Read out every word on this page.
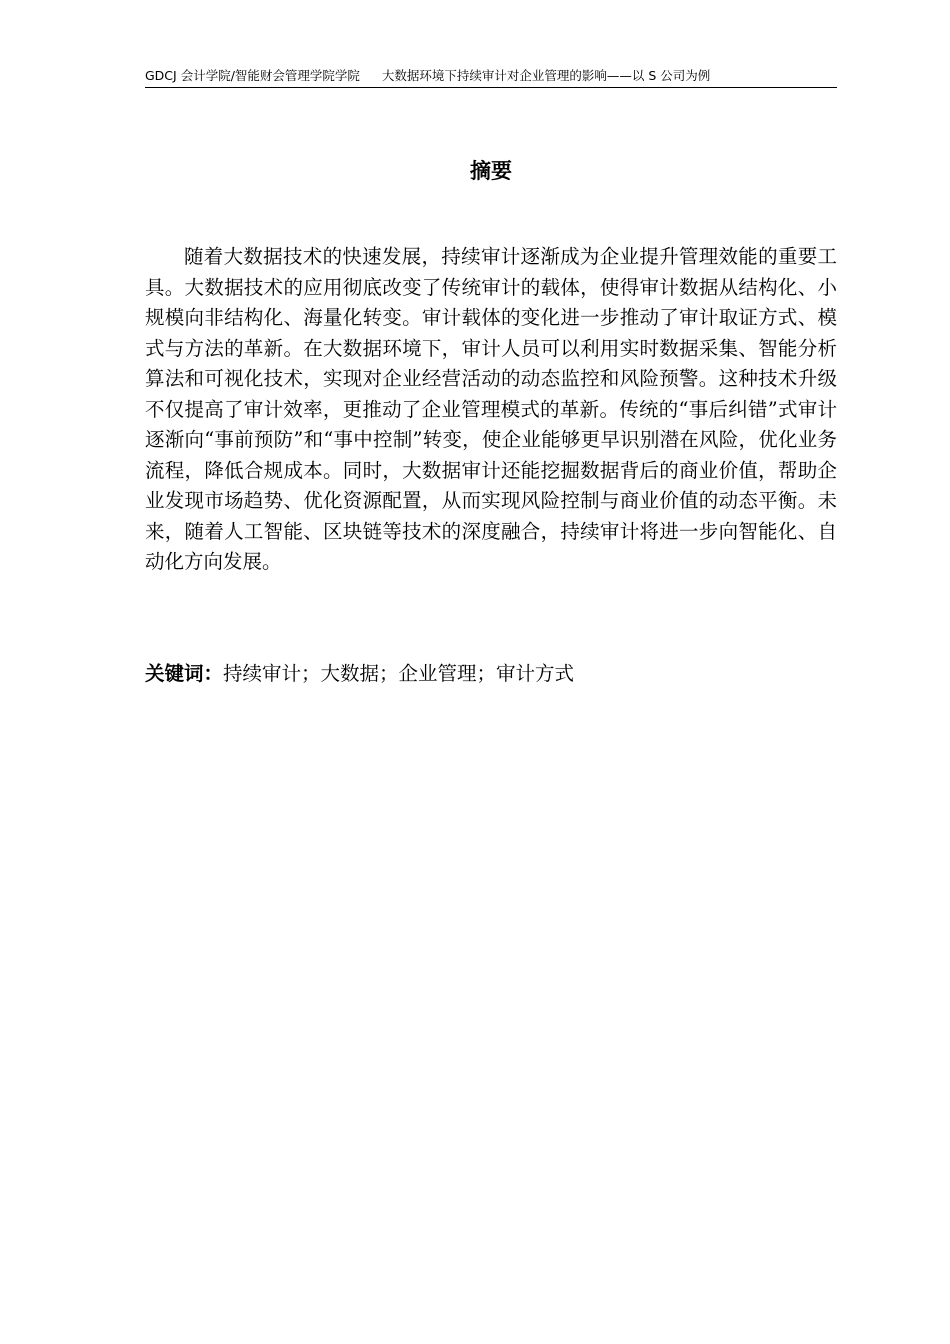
GDCJ 会计学院/智能财会管理学院学院 大数据环境下持续审计对企业管理的影响——以 S 公司为例
摘要

随着大数据技术的快速发展，持续审计逐渐成为企业提升管理效能的重要工具。大数据技术的应用彻底改变了传统审计的载体，使得审计数据从结构化、小规模向非结构化、海量化转变。审计载体的变化进一步推动了审计取证方式、模式与方法的革新。在大数据环境下，审计人员可以利用实时数据采集、智能分析算法和可视化技术，实现对企业经营活动的动态监控和风险预警。这种技术升级不仅提高了审计效率，更推动了企业管理模式的革新。传统的“事后纠错”式审计逐渐向“事前预防”和“事中控制”转变，使企业能够更早识别潜在风险，优化业务流程，降低合规成本。同时，大数据审计还能挖掘数据背后的商业价值，帮助企业发现市场趋势、优化资源配置，从而实现风险控制与商业价值的动态平衡。未来，随着人工智能、区块链等技术的深度融合，持续审计将进一步向智能化、自动化方向发展。

关键词：持续审计；大数据；企业管理；审计方式
